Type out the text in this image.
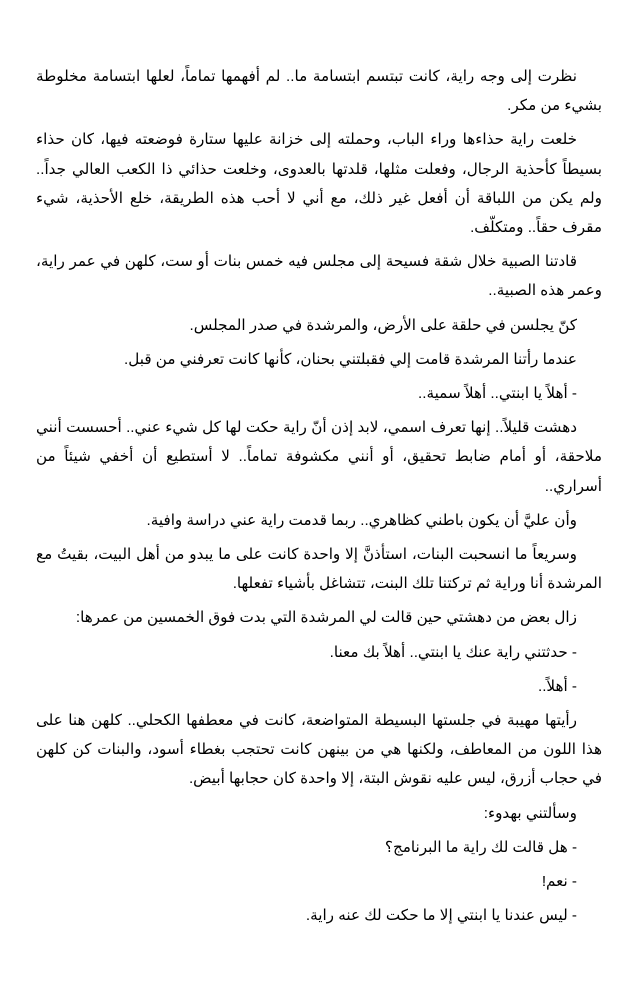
نظرت إلى وجه راية، كانت تبتسم ابتسامة ما.. لم أفهمها تماماً، لعلها ابتسامة مخلوطة بشيء من مكر.

خلعت راية حذاءها وراء الباب، وحملته إلى خزانة عليها ستارة فوضعته فيها، كان حذاء بسيطاً كأحذية الرجال، وفعلت مثلها، قلدتها بالعدوى، وخلعت حذائي ذا الكعب العالي جداً.. ولم يكن من اللباقة أن أفعل غير ذلك، مع أني لا أحب هذه الطريقة، خلع الأحذية، شيء مقرف حقاً.. ومتكلّف.

قادتنا الصبية خلال شقة فسيحة إلى مجلس فيه خمس بنات أو ست، كلهن في عمر راية، وعمر هذه الصبية..

كنّ يجلسن في حلقة على الأرض، والمرشدة في صدر المجلس.

عندما رأتنا المرشدة قامت إلي فقبلتني بحنان، كأنها كانت تعرفني من قبل.

- أهلاً يا ابنتي.. أهلاً سمية..

دهشت قليلاً.. إنها تعرف اسمي، لابد إذن أنّ راية حكت لها كل شيء عني.. أحسست أنني ملاحقة، أو أمام ضابط تحقيق، أو أنني مكشوفة تماماً.. لا أستطيع أن أخفي شيئاً من أسراري..

وأن عليَّ أن يكون باطني كظاهري.. ربما قدمت راية عني دراسة وافية.

وسريعاً ما انسحبت البنات، استأذنَّ إلا واحدة كانت على ما يبدو من أهل البيت، بقيتُ مع المرشدة أنا وراية ثم تركتنا تلك البنت، تتشاغل بأشياء تفعلها.

زال بعض من دهشتي حين قالت لي المرشدة التي بدت فوق الخمسين من عمرها:

- حدثتني راية عنك يا ابنتي.. أهلاً بك معنا.

- أهلاً..

رأيتها مهيبة في جلستها البسيطة المتواضعة، كانت في معطفها الكحلي.. كلهن هنا على هذا اللون من المعاطف، ولكنها هي من بينهن كانت تحتجب بغطاء أسود، والبنات كن كلهن في حجاب أزرق، ليس عليه نقوش البتة، إلا واحدة كان حجابها أبيض.

وسألتني بهدوء:

- هل قالت لك راية ما البرنامج؟

- نعم!

- ليس عندنا يا ابنتي إلا ما حكت لك عنه راية.
